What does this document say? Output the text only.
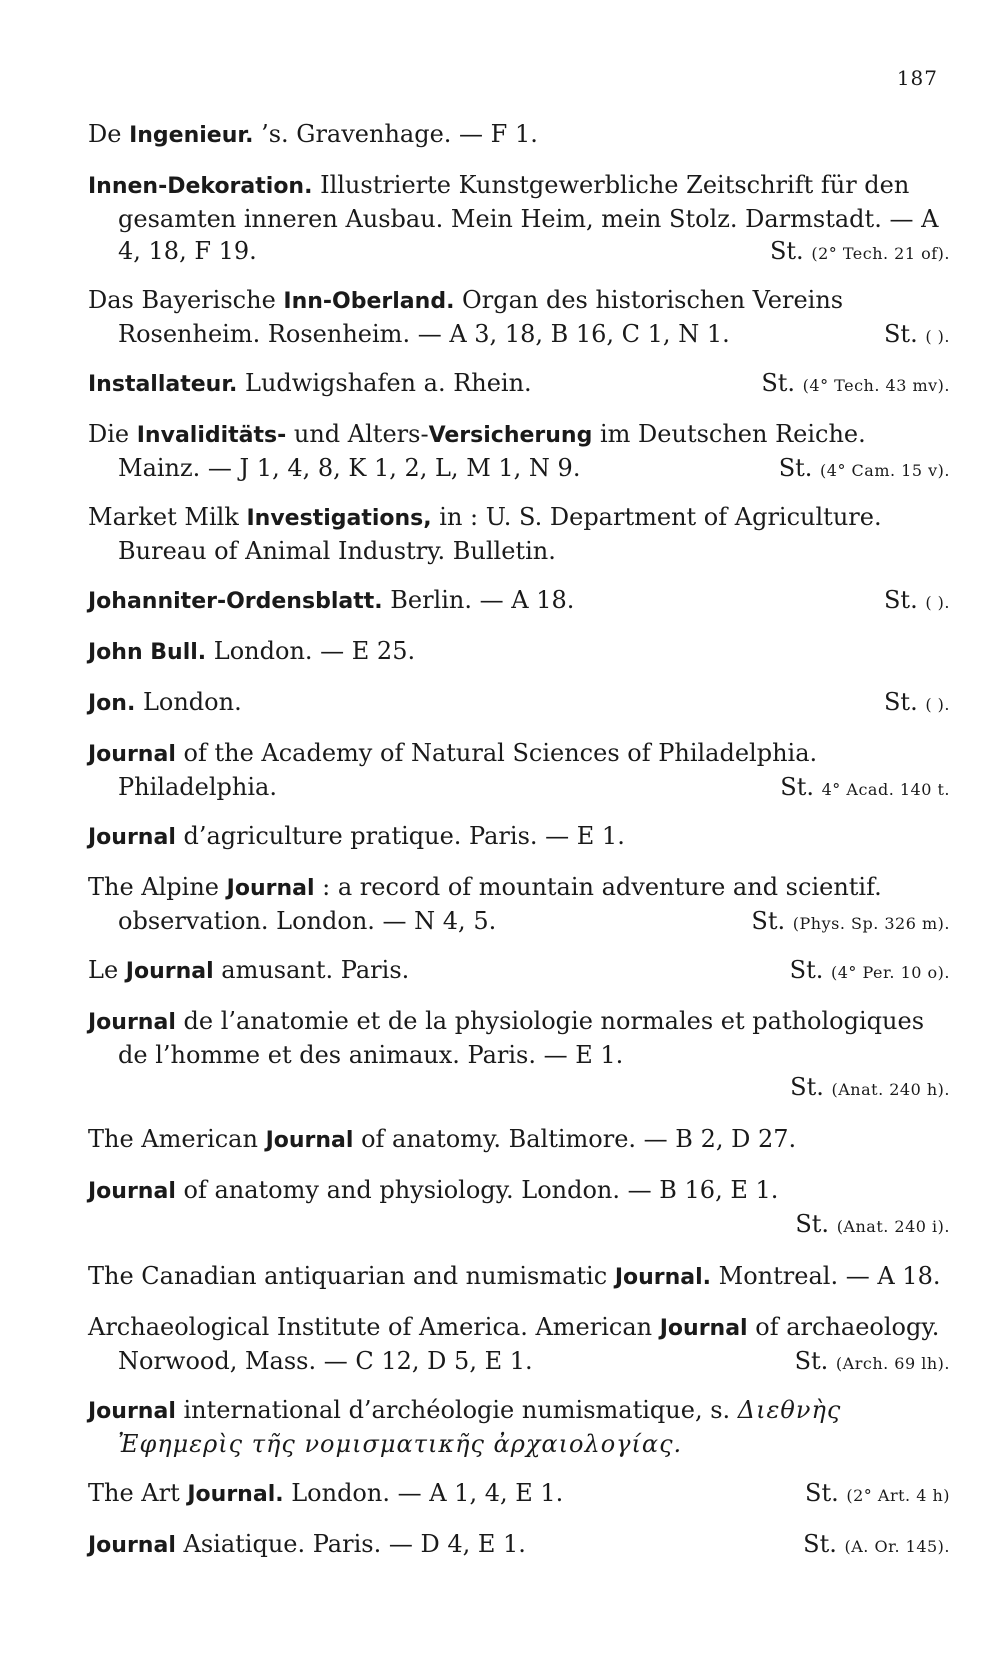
187
De Ingenieur. ’s. Gravenhage. — F 1.
Innen-Dekoration. Illustrierte Kunstgewerbliche Zeitschrift für den gesamten inneren Ausbau. Mein Heim, mein Stolz. Darmstadt. — A 4, 18, F 19.	St. (2° Tech. 21 of).
Das Bayerische Inn-Oberland. Organ des historischen Vereins Rosenheim. Rosenheim. — A 3, 18, B 16, C 1, N 1.	St. ( ).
Installateur. Ludwigshafen a. Rhein.	St. (4° Tech. 43 mv).
Die Invaliditäts- und Alters-Versicherung im Deutschen Reiche. Mainz. — J 1, 4, 8, K 1, 2, L, M 1, N 9.	St. (4° Cam. 15 v).
Market Milk Investigations, in : U. S. Department of Agriculture. Bureau of Animal Industry. Bulletin.
Johanniter-Ordensblatt. Berlin. — A 18.	St. ( ).
John Bull. London. — E 25.
Jon. London.	St. ( ).
Journal of the Academy of Natural Sciences of Philadelphia. Philadelphia.	St. 4° Acad. 140 t.
Journal d’agriculture pratique. Paris. — E 1.
The Alpine Journal : a record of mountain adventure and scientif. observation. London. — N 4, 5.	St. (Phys. Sp. 326 m).
Le Journal amusant. Paris.	St. (4° Per. 10 o).
Journal de l’anatomie et de la physiologie normales et pathologiques de l’homme et des animaux. Paris. — E 1.
St. (Anat. 240 h).
The American Journal of anatomy. Baltimore. — B 2, D 27.
Journal of anatomy and physiology. London. — B 16, E 1.
St. (Anat. 240 i).
The Canadian antiquarian and numismatic Journal. Montreal. — A 18.
Archaeological Institute of America. American Journal of archaeology. Norwood, Mass. — C 12, D 5, E 1.	St. (Arch. 69 lh).
Journal international d’archéologie numismatique, s. Διεθνὴς Ἐφημερὶς τῆς νομισματικῆς ἀρχαιολογίας.
The Art Journal. London. — A 1, 4, E 1.	St. (2° Art. 4 h)
Journal Asiatique. Paris. — D 4, E 1.	St. (A. Or. 145).
